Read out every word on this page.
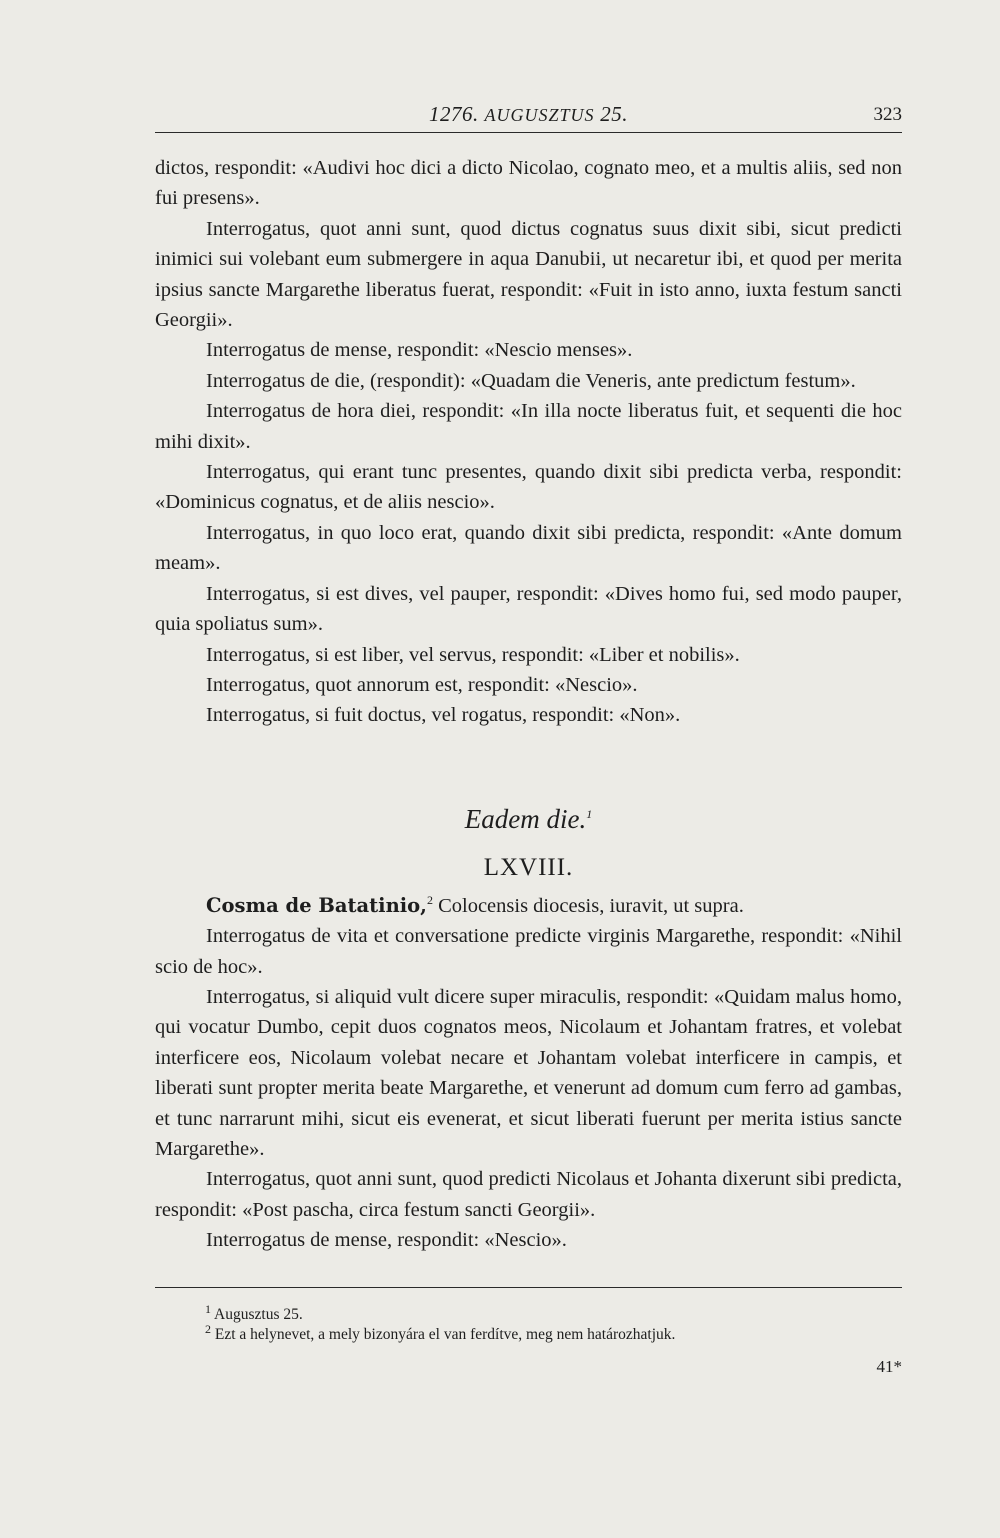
1276. AUGUSZTUS 25.	323

dictos, respondit: «Audivi hoc dici a dicto Nicolao, cognato meo, et a multis aliis, sed non fui presens».

Interrogatus, quot anni sunt, quod dictus cognatus suus dixit sibi, sicut predicti inimici sui volebant eum submergere in aqua Danubii, ut necaretur ibi, et quod per merita ipsius sancte Margarethe liberatus fuerat, respondit: «Fuit in isto anno, iuxta festum sancti Georgii».

Interrogatus de mense, respondit: «Nescio menses».

Interrogatus de die, (respondit): «Quadam die Veneris, ante predictum festum».

Interrogatus de hora diei, respondit: «In illa nocte liberatus fuit, et sequenti die hoc mihi dixit».

Interrogatus, qui erant tunc presentes, quando dixit sibi predicta verba, respondit: «Dominicus cognatus, et de aliis nescio».

Interrogatus, in quo loco erat, quando dixit sibi predicta, respondit: «Ante domum meam».

Interrogatus, si est dives, vel pauper, respondit: «Dives homo fui, sed modo pauper, quia spoliatus sum».

Interrogatus, si est liber, vel servus, respondit: «Liber et nobilis».

Interrogatus, quot annorum est, respondit: «Nescio».

Interrogatus, si fuit doctus, vel rogatus, respondit: «Non».

Eadem die.$^1$

LXVIII.

Cosma de Batatinio,$^2$ Colocensis diocesis, iuravit, ut supra.

Interrogatus de vita et conversatione predicte virginis Margarethe, respondit: «Nihil scio de hoc».

Interrogatus, si aliquid vult dicere super miraculis, respondit: «Quidam malus homo, qui vocatur Dumbo, cepit duos cognatos meos, Nicolaum et Johantam fratres, et volebat interficere eos, Nicolaum volebat necare et Johantam volebat interficere in campis, et liberati sunt propter merita beate Margarethe, et venerunt ad domum cum ferro ad gambas, et tunc narrarunt mihi, sicut eis evenerat, et sicut liberati fuerunt per merita istius sancte Margarethe».

Interrogatus, quot anni sunt, quod predicti Nicolaus et Johanta dixerunt sibi predicta, respondit: «Post pascha, circa festum sancti Georgii».

Interrogatus de mense, respondit: «Nescio».

$^1$ Augusztus 25.

$^2$ Ezt a helynevet, a mely bizonyára el van ferdítve, meg nem határozhatjuk.

41*
